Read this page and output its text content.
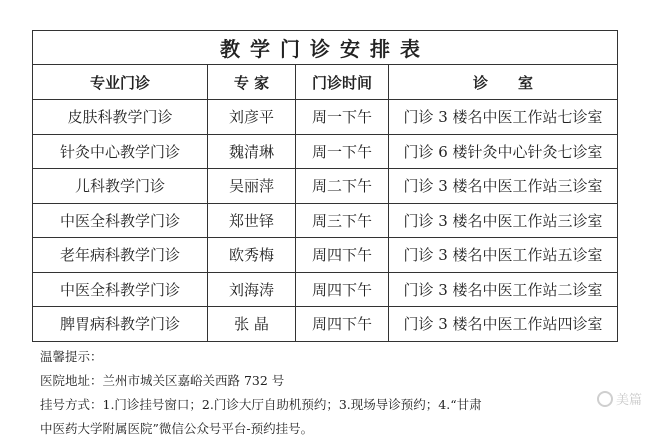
教学门诊安排表			
专业门诊	专 家	门诊时间	诊　　室
皮肤科教学门诊	刘彦平	周一下午	门诊 3 楼名中医工作站七诊室
针灸中心教学门诊	魏清琳	周一下午	门诊 6 楼针灸中心针灸七诊室
儿科教学门诊	吴丽萍	周二下午	门诊 3 楼名中医工作站三诊室
中医全科教学门诊	郑世铎	周三下午	门诊 3 楼名中医工作站三诊室
老年病科教学门诊	欧秀梅	周四下午	门诊 3 楼名中医工作站五诊室
中医全科教学门诊	刘海涛	周四下午	门诊 3 楼名中医工作站二诊室
脾胃病科教学门诊	张 晶	周四下午	门诊 3 楼名中医工作站四诊室
温馨提示：
医院地址：兰州市城关区嘉峪关西路 732 号
挂号方式：1.门诊挂号窗口；2.门诊大厅自助机预约；3.现场导诊预约；4.“甘肃
中医药大学附属医院”微信公众号平台-预约挂号。
美篇
